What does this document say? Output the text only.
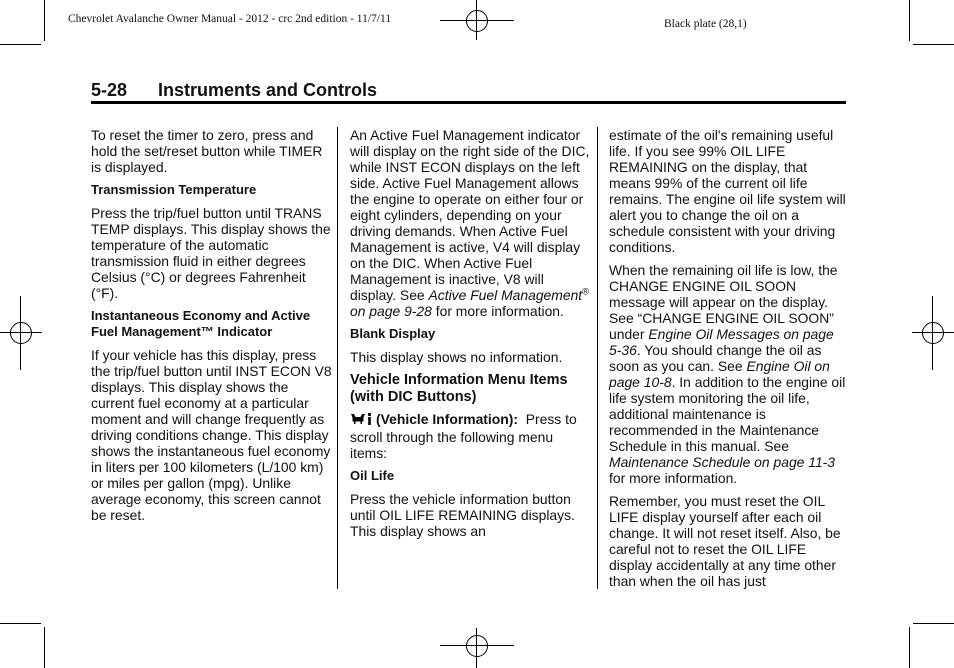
Chevrolet Avalanche Owner Manual - 2012 - crc 2nd edition - 11/7/11	Black plate (28,1)
5-28 Instruments and Controls

To reset the timer to zero, press and hold the set/reset button while TIMER is displayed.

Transmission Temperature

Press the trip/fuel button until TRANS TEMP displays. This display shows the temperature of the automatic transmission fluid in either degrees Celsius (°C) or degrees Fahrenheit (°F).

Instantaneous Economy and Active Fuel Management™ Indicator

If your vehicle has this display, press the trip/fuel button until INST ECON V8 displays. This display shows the current fuel economy at a particular moment and will change frequently as driving conditions change. This display shows the instantaneous fuel economy in liters per 100 kilometers (L/100 km) or miles per gallon (mpg). Unlike average economy, this screen cannot be reset.

An Active Fuel Management indicator will display on the right side of the DIC, while INST ECON displays on the left side. Active Fuel Management allows the engine to operate on either four or eight cylinders, depending on your driving demands. When Active Fuel Management is active, V4 will display on the DIC. When Active Fuel Management is inactive, V8 will display. See Active Fuel Management® on page 9‑28 for more information.

Blank Display

This display shows no information.

Vehicle Information Menu Items (with DIC Buttons)

(Vehicle Information):  Press to scroll through the following menu items:

Oil Life

Press the vehicle information button until OIL LIFE REMAINING displays. This display shows an

estimate of the oil's remaining useful life. If you see 99% OIL LIFE REMAINING on the display, that means 99% of the current oil life remains. The engine oil life system will alert you to change the oil on a schedule consistent with your driving conditions.

When the remaining oil life is low, the CHANGE ENGINE OIL SOON message will appear on the display. See “CHANGE ENGINE OIL SOON” under Engine Oil Messages on page 5‑36. You should change the oil as soon as you can. See Engine Oil on page 10‑8. In addition to the engine oil life system monitoring the oil life, additional maintenance is recommended in the Maintenance Schedule in this manual. See Maintenance Schedule on page 11‑3 for more information.

Remember, you must reset the OIL LIFE display yourself after each oil change. It will not reset itself. Also, be careful not to reset the OIL LIFE display accidentally at any time other than when the oil has just
